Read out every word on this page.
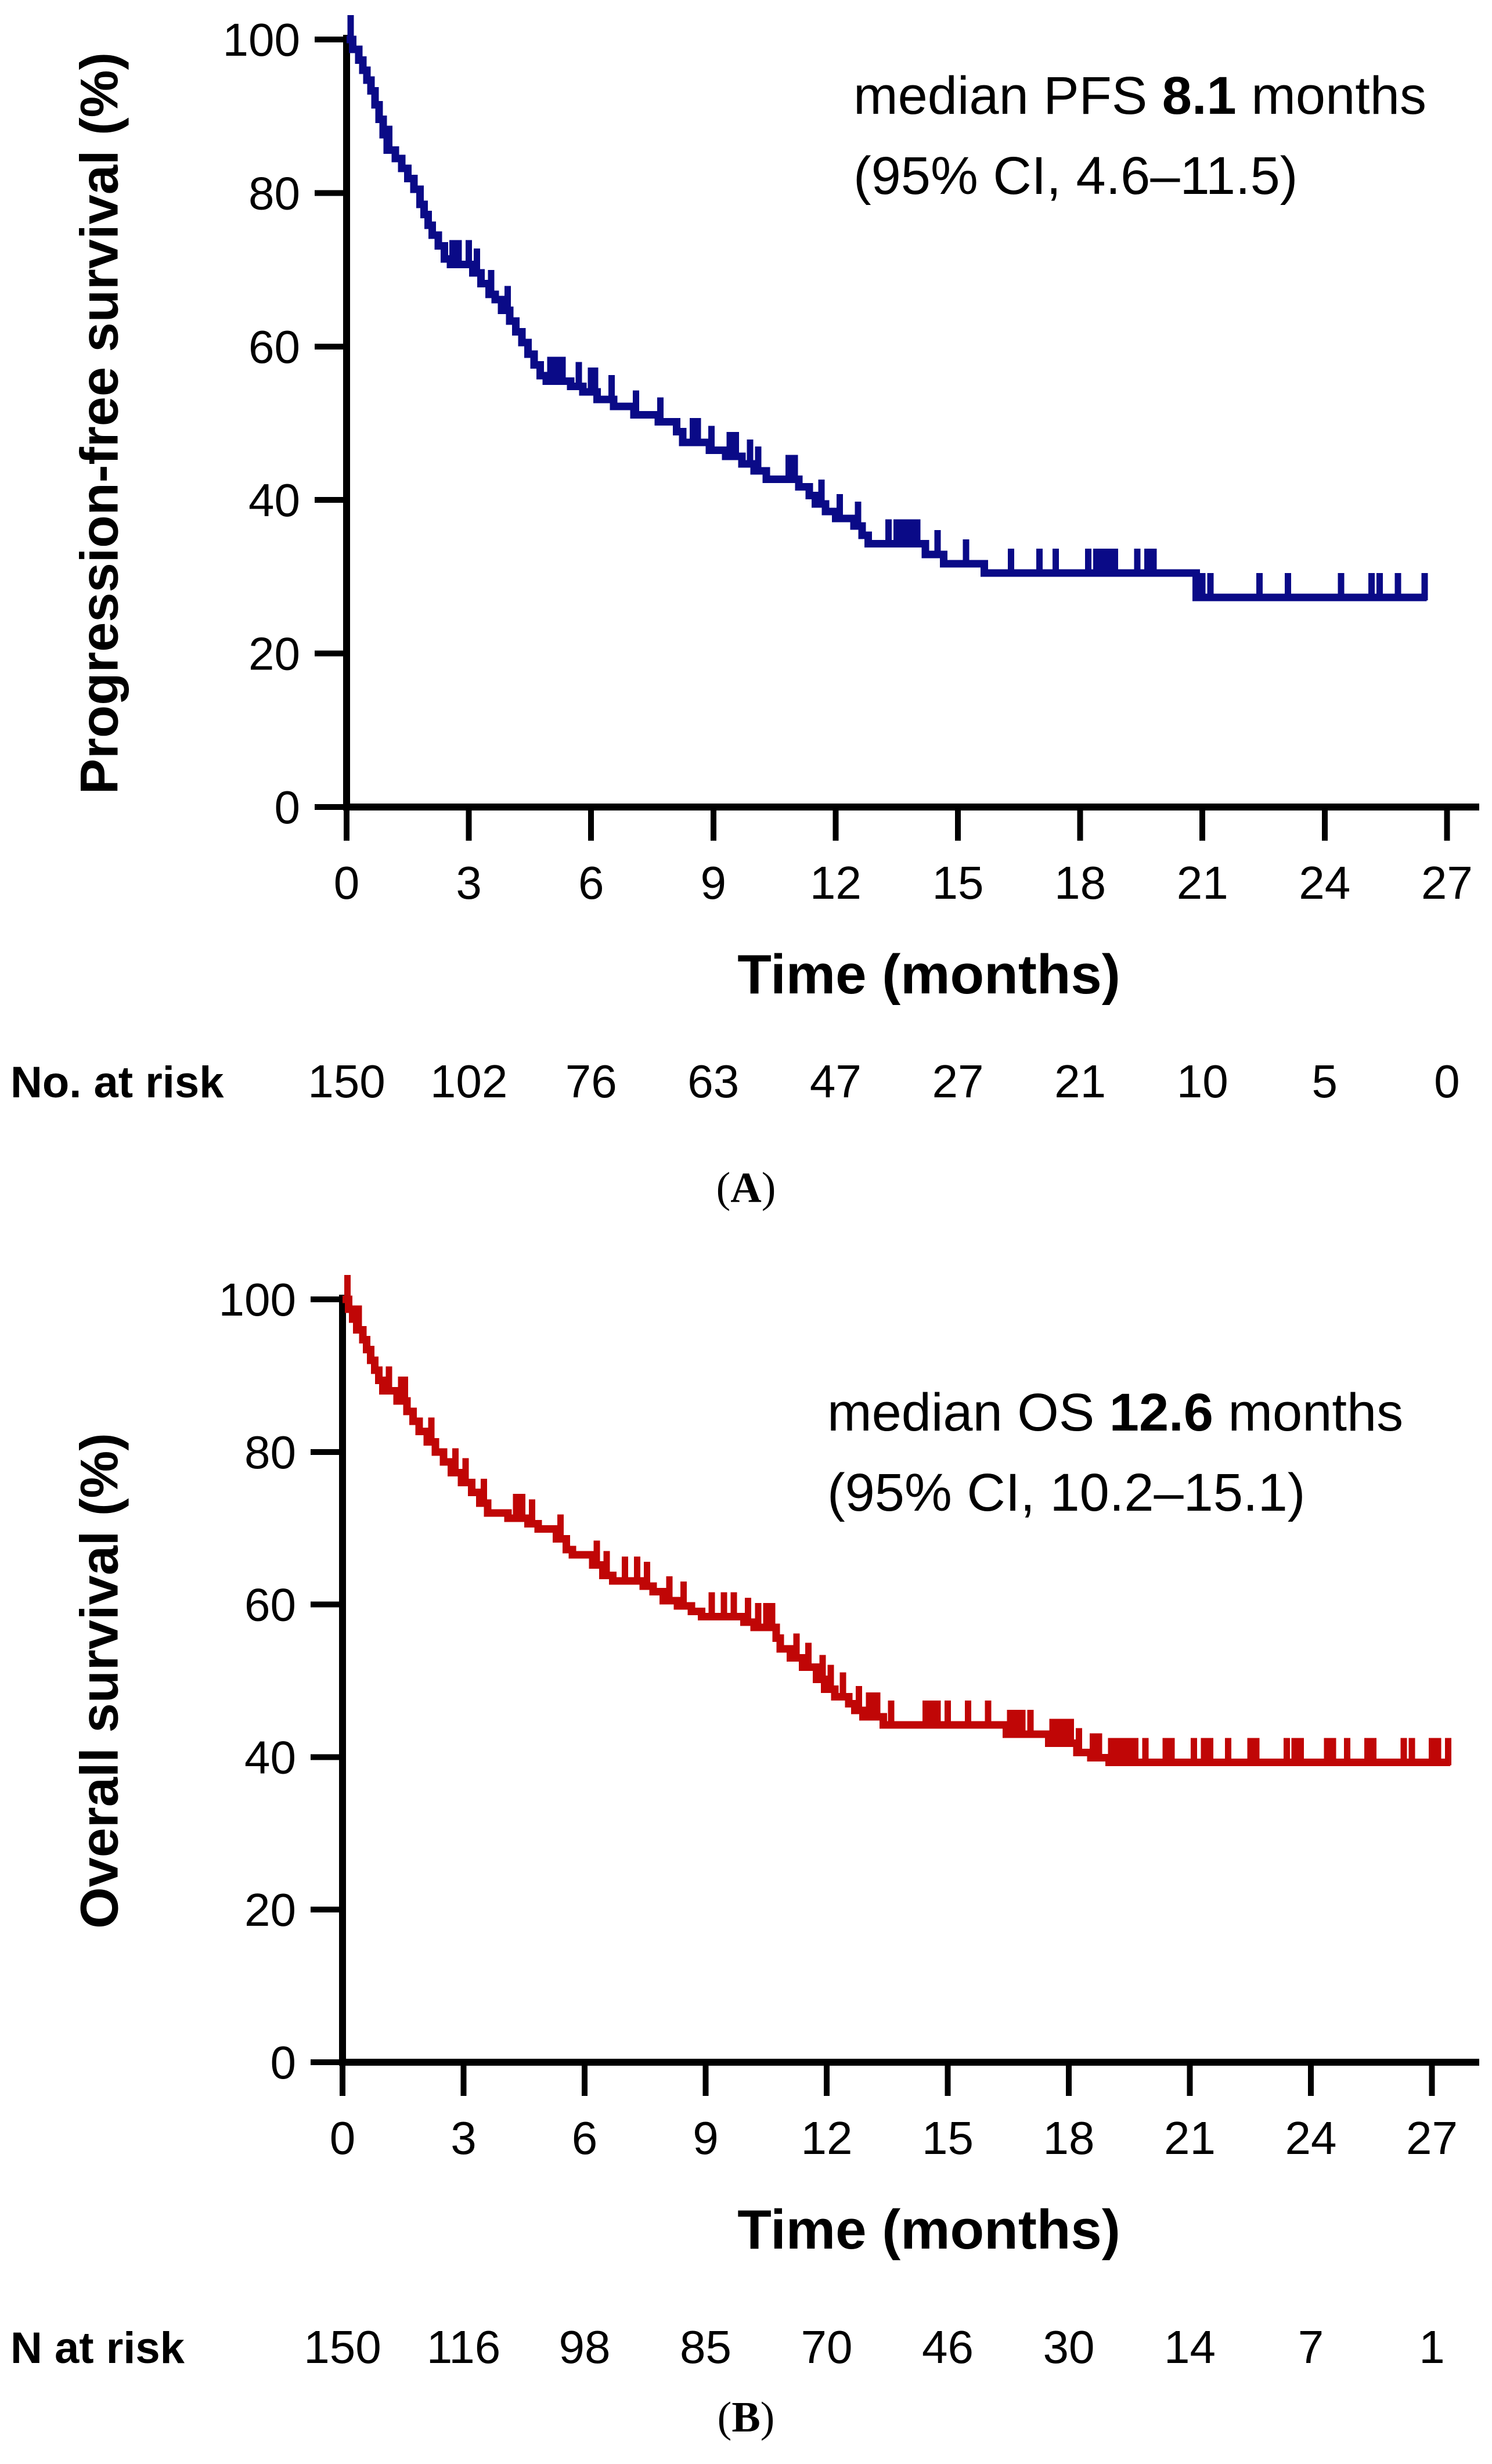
0
20
40
60
80
100
0 3 6 9 12 15 18 21 24 27
No. at risk 150 102 76 63 47 27 21 10 5 0
Progression-free survival (%)	median PFS 8.1 months
(95% CI, 4.6–11.5)
Time (months)
(A)
0
20
40
60
80
100
0 3 6 9 12 15 18 21 24 27
N at risk	150 116 98 85 70 46 30 14 7 1
Overall survival (%)
median OS 12.6 months
(95% CI, 10.2–15.1)
Time (months)
(B)
